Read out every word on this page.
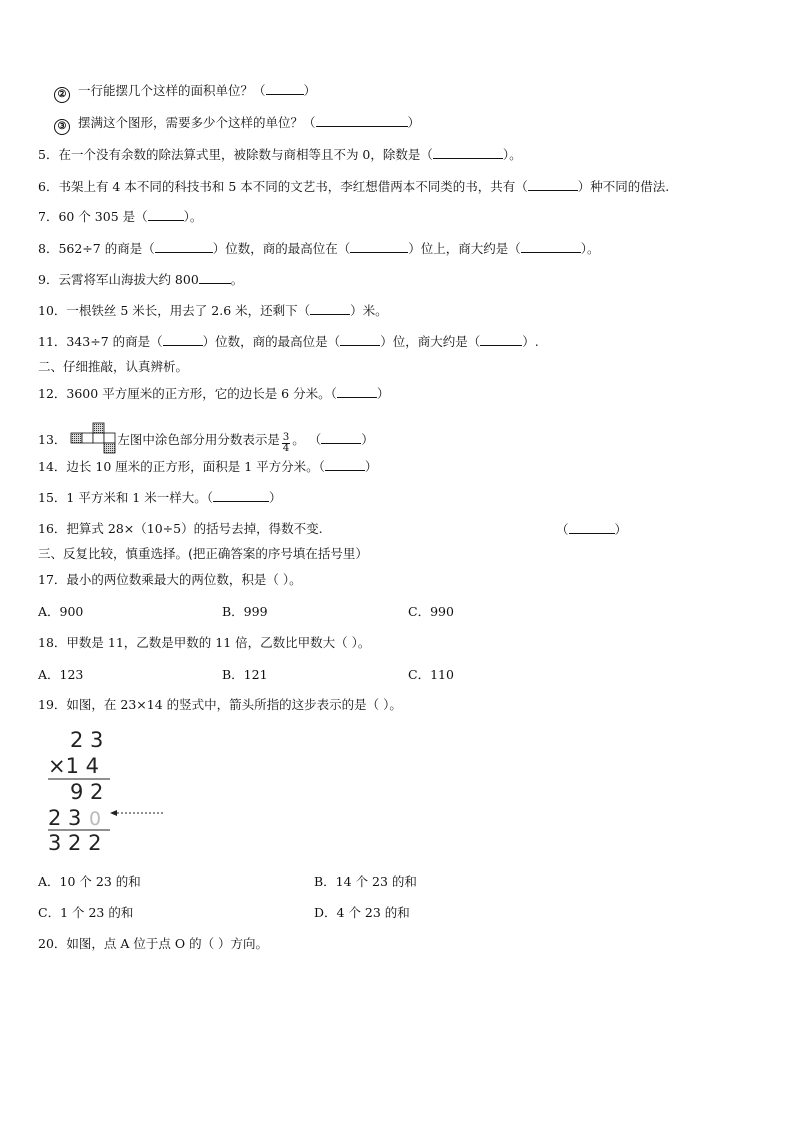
② 一行能摆几个这样的面积单位？（	）
③ 摆满这个图形，需要多少个这样的单位？（	）
5．在一个没有余数的除法算式里，被除数与商相等且不为 0，除数是（	）。
6．书架上有 4 本不同的科技书和 5 本不同的文艺书，李红想借两本不同类的书，共有（	）种不同的借法.
7．60 个 305 是（	）。
8．562÷7 的商是（	）位数，商的最高位在（	）位上，商大约是（	）。
9．云霄将军山海拔大约 800	。
10．一根铁丝 5 米长，用去了 2.6 米，还剩下（	）米。
11．343÷7 的商是（	）位数，商的最高位是（	）位，商大约是（	）.
二、仔细推敲，认真辨析。
12．3600 平方厘米的正方形，它的边长是 6 分米。（	）
13．	左图中涂色部分用分数表示是 $\frac{3}{4}$ 。 （	）
14．边长 10 厘米的正方形，面积是 1 平方分米。（	）
15．1 平方米和 1 米一样大。（	）
16．把算式 28×（10÷5）的括号去掉，得数不变.	（	）
三、反复比较，慎重选择。(把正确答案的序号填在括号里）
17．最小的两位数乘最大的两位数，积是（ ）。
A．900	B．999	C．990
18．甲数是 11，乙数是甲数的 11 倍，乙数比甲数大（ ）。
A．123	B．121	C．110
19．如图，在 23×14 的竖式中，箭头所指的这步表示的是（ ）。
2 3
×1 4
9 2
2 3 0
3 2 2
A．10 个 23 的和	B．14 个 23 的和
C．1 个 23 的和	D．4 个 23 的和
20．如图，点 A 位于点 O 的（ ）方向。
